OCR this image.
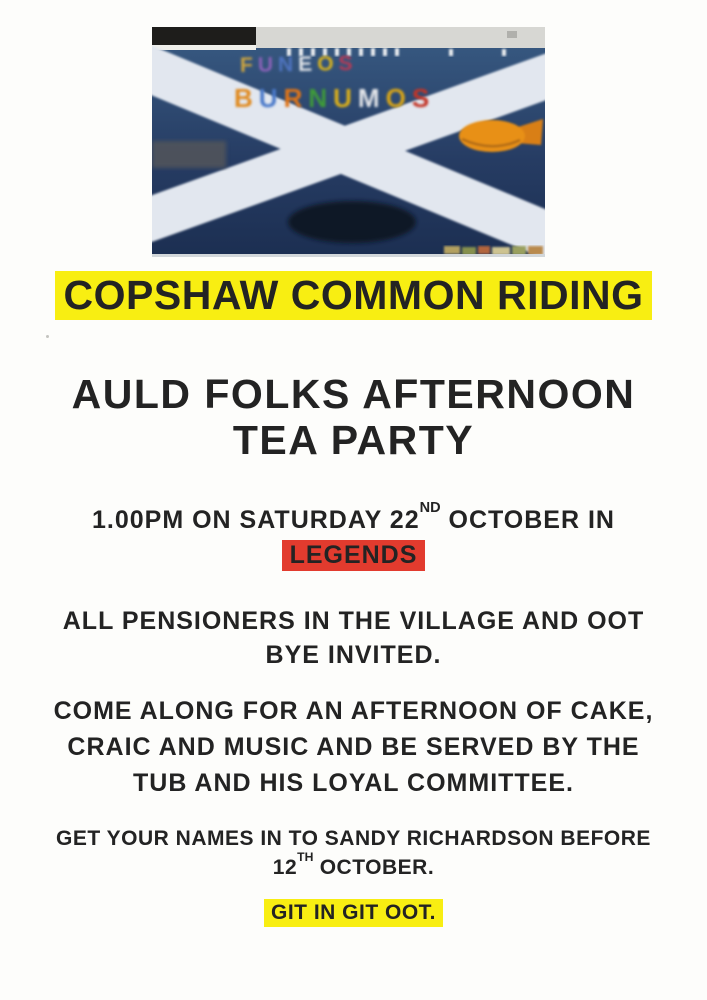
F U N E O S
B U R N U M O S
COPSHAW COMMON RIDING
AULD FOLKS AFTERNOON
TEA PARTY
1.00PM ON SATURDAY 22ND OCTOBER IN
LEGENDS
ALL PENSIONERS IN THE VILLAGE AND OOT
BYE INVITED.
COME ALONG FOR AN AFTERNOON OF CAKE,
CRAIC AND MUSIC AND BE SERVED BY THE
TUB AND HIS LOYAL COMMITTEE.
GET YOUR NAMES IN TO SANDY RICHARDSON BEFORE
12TH OCTOBER.
GIT IN GIT OOT.
